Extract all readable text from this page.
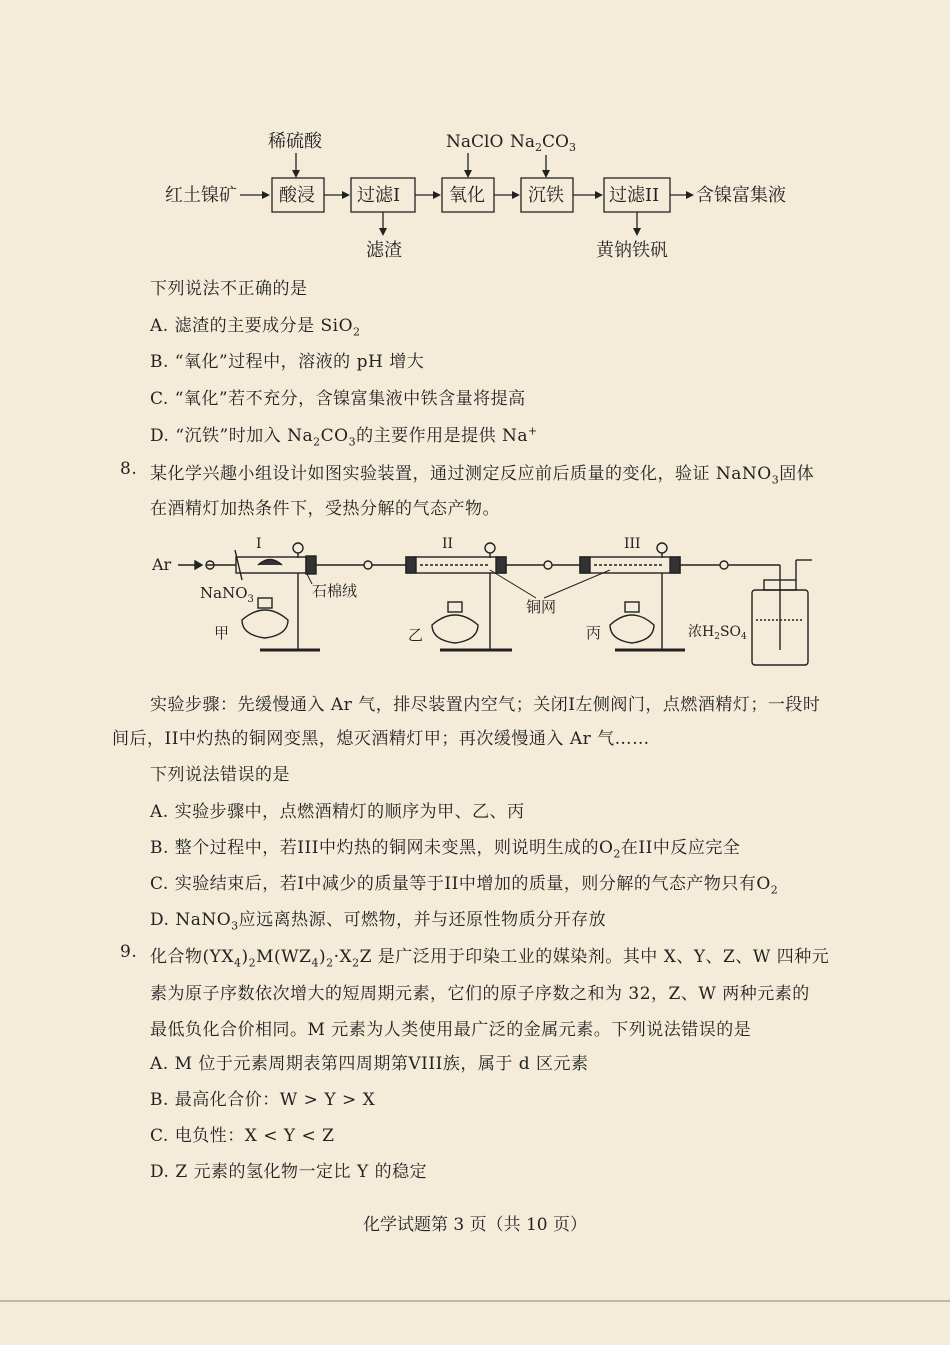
稀硫酸	NaClO $Na_2CO_3$
红土镍矿 酸浸 过滤I
滤渣
氧化 沉铁	过滤II
黄钠铁矾
含镍富集液
下列说法不正确的是
A. 滤渣的主要成分是 SiO$_2$
B. “氧化”过程中，溶液的 pH 增大
C. “氧化”若不充分，含镍富集液中铁含量将提高
D. “沉铁”时加入 $Na_2CO_3$的主要作用是提供 Na+
8. 某化学兴趣小组设计如图实验装置，通过测定反应前后质量的变化，验证 NaNO$_3$固体
在酒精灯加热条件下，受热分解的气态产物。
Ar
I	II	III
NaNO$_3$	石棉绒
铜网
甲	乙	丙	浓$H_2SO_4$
实验步骤：先缓慢通入 Ar 气，排尽装置内空气；关闭I左侧阀门，点燃酒精灯；一段时
间后，II中灼热的铜网变黑，熄灭酒精灯甲；再次缓慢通入 Ar 气……
下列说法错误的是
A. 实验步骤中，点燃酒精灯的顺序为甲、乙、丙
B. 整个过程中，若III中灼热的铜网未变黑，则说明生成的$O_2$在II中反应完全
C. 实验结束后，若I中减少的质量等于II中增加的质量，则分解的气态产物只有$O_2$
D. NaNO$_3$应远离热源、可燃物，并与还原性物质分开存放
9. 化合物$(YX_4)_2M(WZ_4)_2\cdot X_2Z$ 是广泛用于印染工业的媒染剂。其中 X、Y、Z、W 四种元
素为原子序数依次增大的短周期元素，它们的原子序数之和为 32，Z、W 两种元素的
最低负化合价相同。M 元素为人类使用最广泛的金属元素。下列说法错误的是
A. M 位于元素周期表第四周期第VIII族，属于 d 区元素
B. 最高化合价：W > Y > X
C. 电负性：X < Y < Z
D. Z 元素的氢化物一定比 Y 的稳定
化学试题第 3 页（共 10 页）
